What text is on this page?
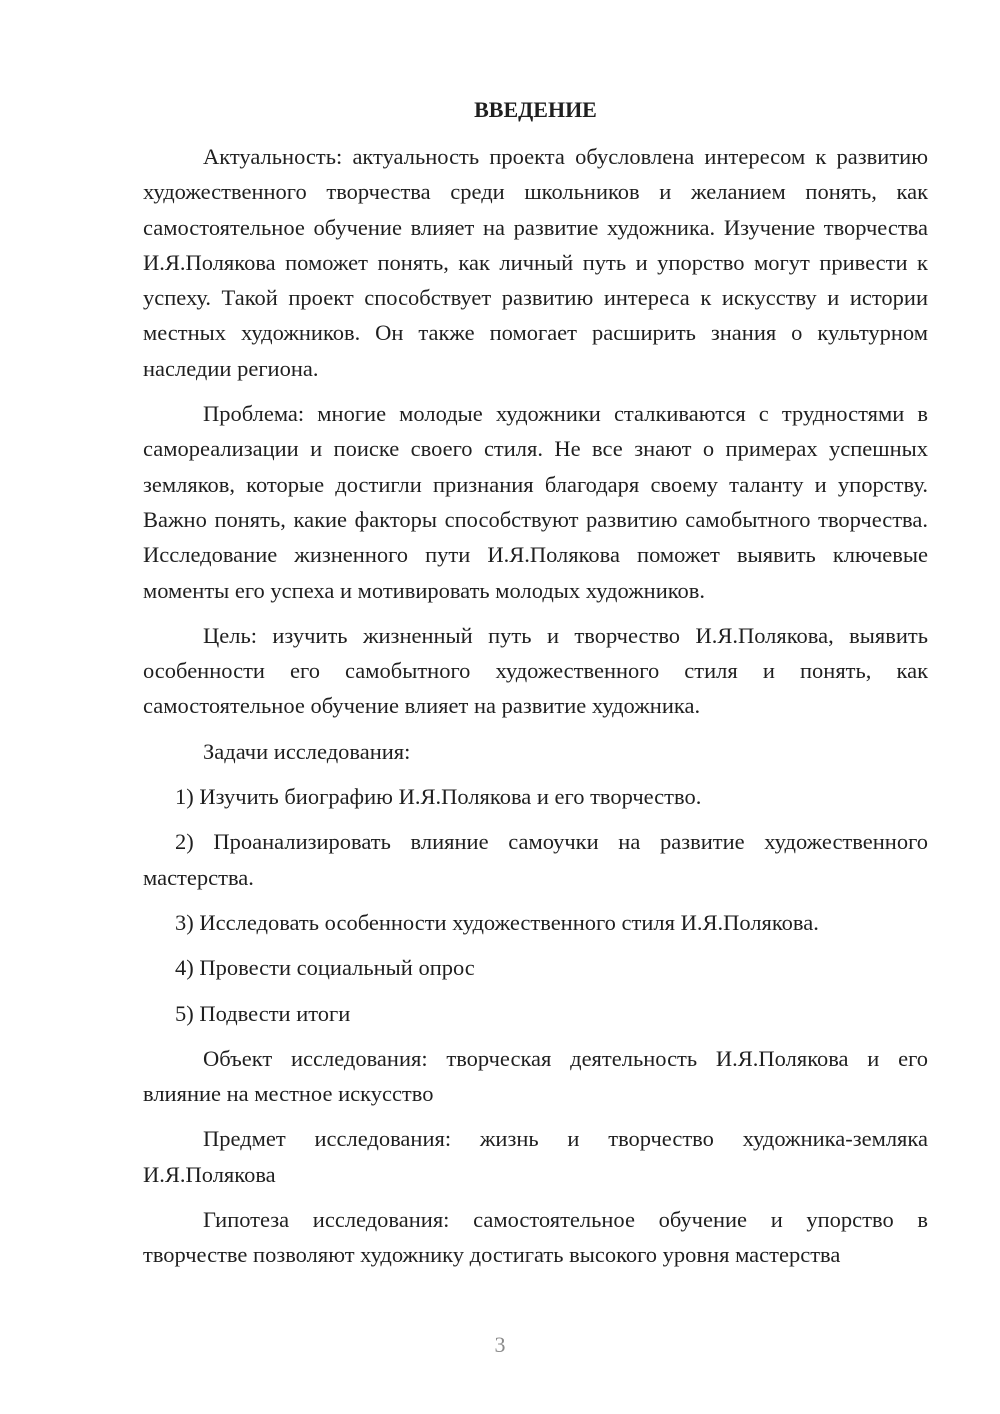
ВВЕДЕНИЕ

Актуальность: актуальность проекта обусловлена интересом к развитию художественного творчества среди школьников и желанием понять, как самостоятельное обучение влияет на развитие художника. Изучение творчества И.Я.Полякова поможет понять, как личный путь и упорство могут привести к успеху. Такой проект способствует развитию интереса к искусству и истории местных художников. Он также помогает расширить знания о культурном наследии региона.

Проблема: многие молодые художники сталкиваются с трудностями в самореализации и поиске своего стиля. Не все знают о примерах успешных земляков, которые достигли признания благодаря своему таланту и упорству. Важно понять, какие факторы способствуют развитию самобытного творчества. Исследование жизненного пути И.Я.Полякова поможет выявить ключевые моменты его успеха и мотивировать молодых художников.

Цель: изучить жизненный путь и творчество И.Я.Полякова, выявить особенности его самобытного художественного стиля и понять, как самостоятельное обучение влияет на развитие художника.

Задачи исследования:

1) Изучить биографию И.Я.Полякова и его творчество.

2) Проанализировать влияние самоучки на развитие художественного мастерства.

3) Исследовать особенности художественного стиля И.Я.Полякова.

4) Провести социальный опрос

5) Подвести итоги

Объект исследования: творческая деятельность И.Я.Полякова и его влияние на местное искусство

Предмет исследования: жизнь и творчество художника-земляка И.Я.Полякова

Гипотеза исследования: самостоятельное обучение и упорство в творчестве позволяют художнику достигать высокого уровня мастерства

3
